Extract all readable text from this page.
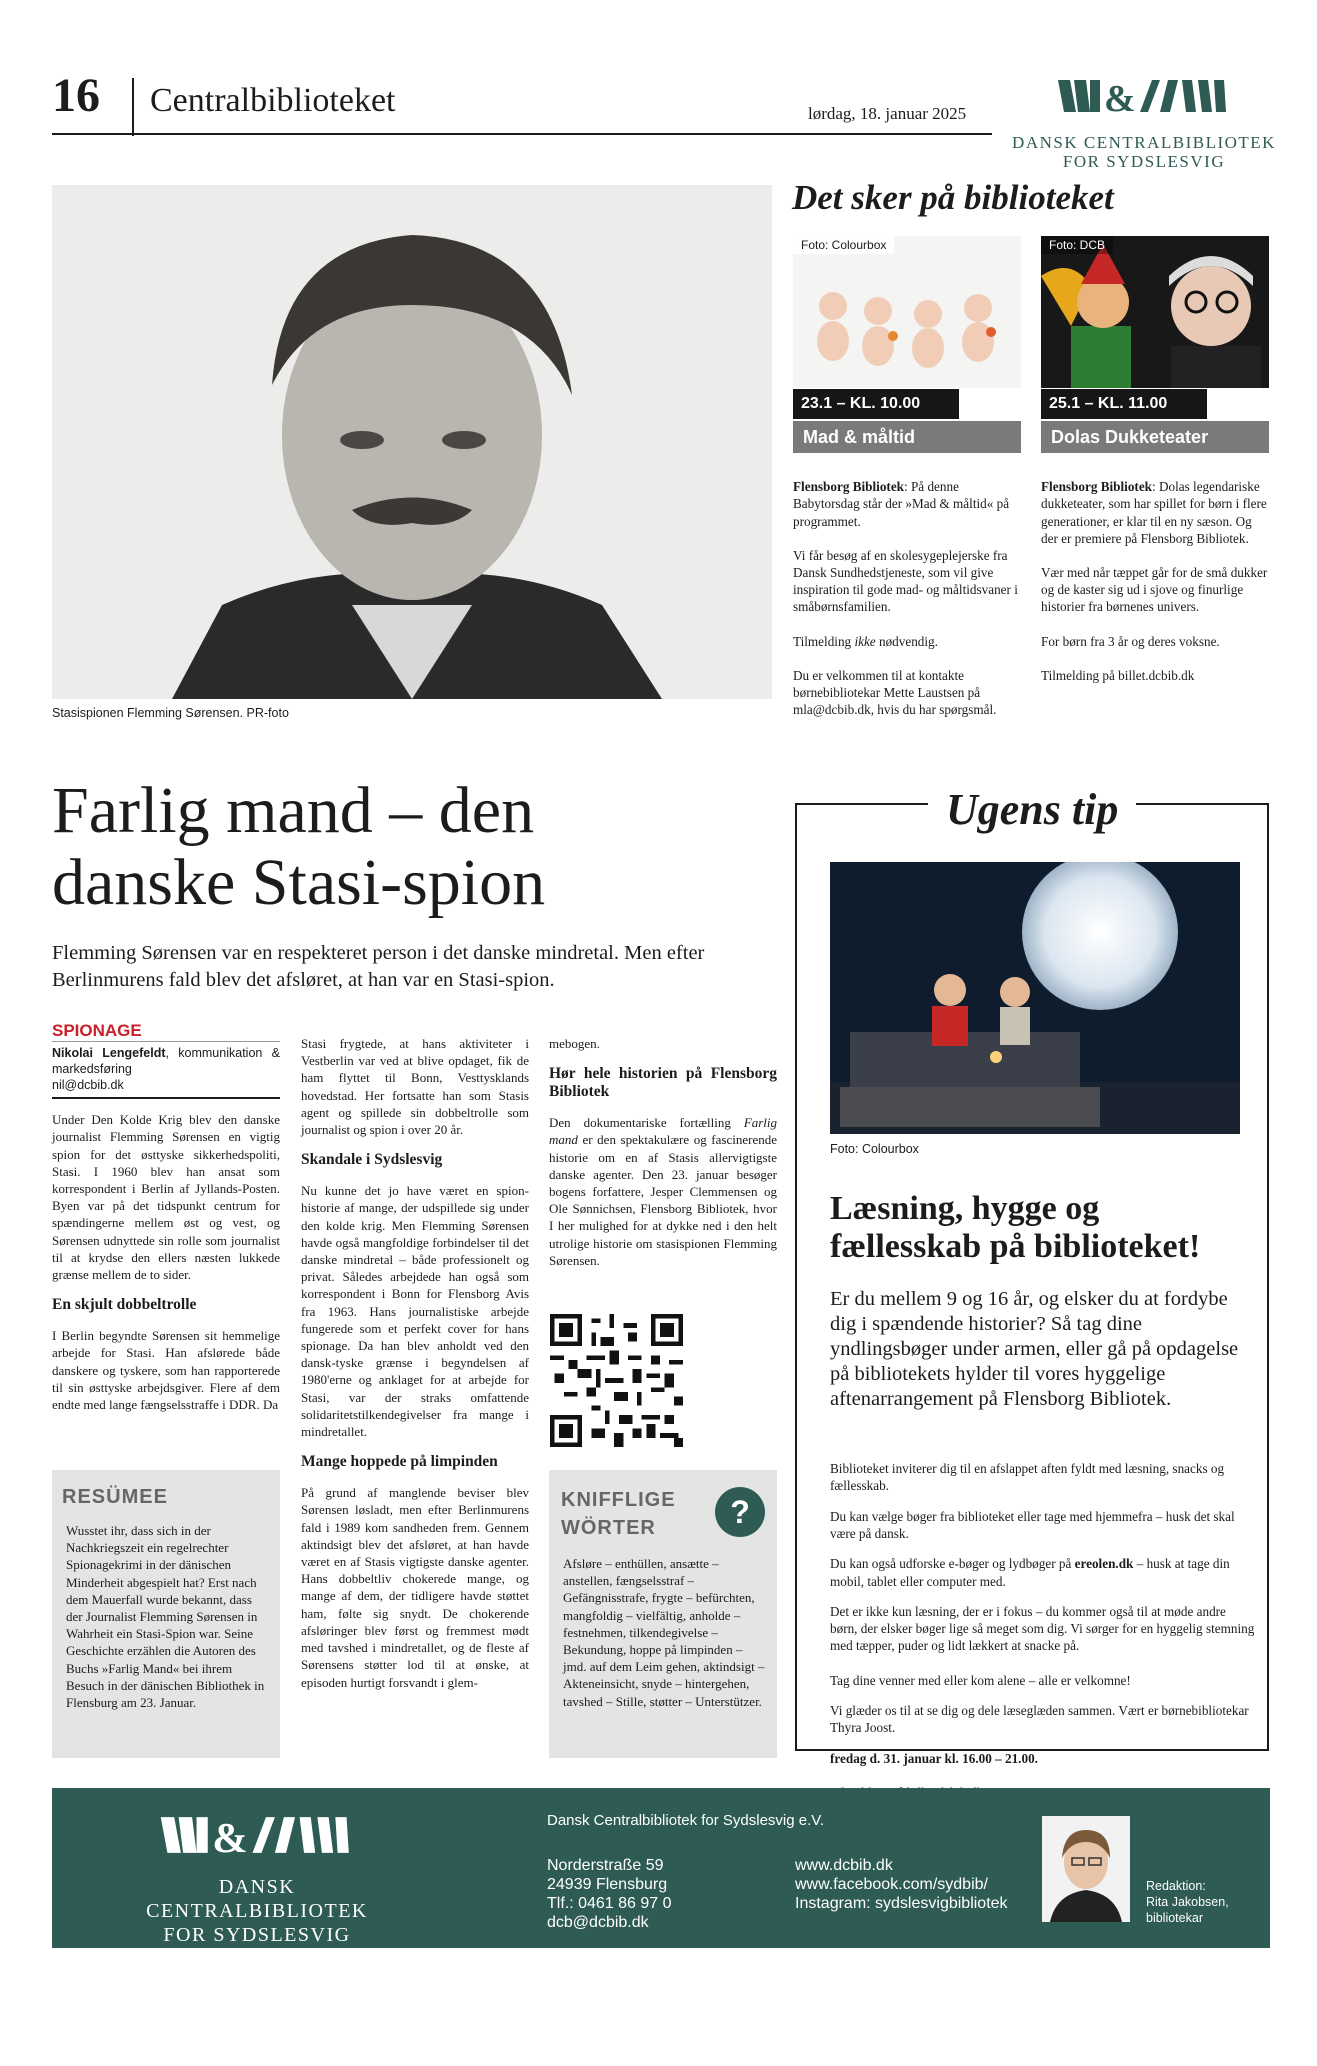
16 Centralbiblioteket	lørdag, 18. januar 2025	&
DANSK CENTRALBIBLIOTEK
FOR SYDSLESVIG
Stasispionen Flemming Sørensen. PR-foto
Det sker på biblioteket
Foto: Colourbox
23.1 – KL. 10.00
Mad & måltid

Flensborg Bibliotek: På denne Babytorsdag står der »Mad & måltid« på programmet.

Vi får besøg af en skolesygeplejerske fra Dansk Sundhedstjeneste, som vil give inspiration til gode mad- og måltidsvaner i småbørnsfamilien.

Tilmelding ikke nødvendig.

Du er velkommen til at kontakte børnebibliotekar Mette Laustsen på mla@dcbib.dk, hvis du har spørgsmål.

Foto: DCB
25.1 – KL. 11.00
Dolas Dukketeater

Flensborg Bibliotek: Dolas legendariske dukketeater, som har spillet for børn i flere generationer, er klar til en ny sæson. Og der er premiere på Flensborg Bibliotek.

Vær med når tæppet går for de små dukker og de kaster sig ud i sjove og finurlige historier fra børnenes univers.

For børn fra 3 år og deres voksne.

Tilmelding på billet.dcbib.dk

Farlig mand – den
danske Stasi-spion
Flemming Sørensen var en respekteret person i det danske mindretal. Men efter Berlinmurens fald blev det afsløret, at han var en Stasi-spion.
SPIONAGE
Nikolai Lengefeldt, kommunikation & markedsføring
nil@dcbib.dk

Under Den Kolde Krig blev den danske journalist Flemming Sørensen en vigtig spion for det østtyske sikkerhedspoliti, Stasi. I 1960 blev han ansat som korrespondent i Berlin af Jyllands-Posten. Byen var på det tidspunkt centrum for spændingerne mellem øst og vest, og Sørensen udnyttede sin rolle som journalist til at krydse den ellers næsten lukkede grænse mellem de to sider.

En skjult dobbeltrolle

I Berlin begyndte Sørensen sit hemmelige arbejde for Stasi. Han afslørede både danskere og tyskere, som han rapporterede til sin østtyske arbejdsgiver. Flere af dem endte med lange fængselsstraffe i DDR. Da

Stasi frygtede, at hans aktiviteter i Vestberlin var ved at blive opdaget, fik de ham flyttet til Bonn, Vesttysklands hovedstad. Her fortsatte han som Stasis agent og spillede sin dobbeltrolle som journalist og spion i over 20 år.

Skandale i Sydslesvig

Nu kunne det jo have været en spion-historie af mange, der udspillede sig under den kolde krig. Men Flemming Sørensen havde også mangfoldige forbindelser til det danske mindretal – både professionelt og privat. Således arbejdede han også som korrespondent i Bonn for Flensborg Avis fra 1963. Hans journalistiske arbejde fungerede som et perfekt cover for hans spionage. Da han blev anholdt ved den dansk-tyske grænse i begyndelsen af 1980'erne og anklaget for at arbejde for Stasi, var der straks omfattende solidaritetstilkendegivelser fra mange i mindretallet.

Mange hoppede på limpinden

På grund af manglende beviser blev Sørensen løsladt, men efter Berlinmurens fald i 1989 kom sandheden frem. Gennem aktindsigt blev det afsløret, at han havde været en af Stasis vigtigste danske agenter. Hans dobbeltliv chokerede mange, og mange af dem, der tidligere havde støttet ham, følte sig snydt. De chokerende afsløringer blev først og fremmest mødt med tavshed i mindretallet, og de fleste af Sørensens støtter lod til at ønske, at episoden hurtigt forsvandt i glem-

mebogen.

Hør hele historien på Flensborg Bibliotek

Den dokumentariske fortælling Farlig mand er den spektakulære og fascinerende historie om en af Stasis allervigtigste danske agenter. Den 23. januar besøger bogens forfattere, Jesper Clemmensen og Ole Sønnichsen, Flensborg Bibliotek, hvor I her mulighed for at dykke ned i den helt utrolige historie om stasispionen Flemming Sørensen.

RESÜMEE
Wusstet ihr, dass sich in der Nachkriegszeit ein regelrechter Spionagekrimi in der dänischen Minderheit abgespielt hat? Erst nach dem Mauerfall wurde bekannt, dass der Journalist Flemming Sørensen in Wahrheit ein Stasi-Spion war. Seine Geschichte erzählen die Autoren des Buchs »Farlig Mand« bei ihrem Besuch in der dänischen Bibliothek in Flensburg am 23. Januar.
KNIFFLIGE
WÖRTER	?
Afsløre – enthüllen, ansætte – anstellen, fængselsstraf – Gefängnisstrafe, frygte – befürchten, mangfoldig – vielfältig, anholde – festnehmen, tilkendegivelse – Bekundung, hoppe på limpinden – jmd. auf dem Leim gehen, aktindsigt – Akteneinsicht, snyde – hintergehen, tavshed – Stille, støtter – Unterstützer.
Ugens tip
Foto: Colourbox
Læsning, hygge og fællesskab på biblioteket!
Er du mellem 9 og 16 år, og elsker du at fordybe dig i spændende historier? Så tag dine yndlingsbøger under armen, eller gå på opdagelse på bibliotekets hylder til vores hyggelige aftenarrangement på Flensborg Bibliotek.

Biblioteket inviterer dig til en afslappet aften fyldt med læsning, snacks og fællesskab.

Du kan vælge bøger fra biblioteket eller tage med hjemmefra – husk det skal være på dansk.

Du kan også udforske e-bøger og lydbøger på ereolen.dk – husk at tage din mobil, tablet eller computer med.

Det er ikke kun læsning, der er i fokus – du kommer også til at møde andre børn, der elsker bøger lige så meget som dig. Vi sørger for en hyggelig stemning med tæpper, puder og lidt lækkert at snacke på.

Tag dine venner med eller kom alene – alle er velkomne!

Vi glæder os til at se dig og dele læseglæden sammen. Vært er børnebibliotekar Thyra Joost.

fredag d. 31. januar kl. 16.00 – 21.00.

&
DANSK CENTRALBIBLIOTEK
FOR SYDSLESVIG
Dansk Centralbibliotek for Sydslesvig e.V.
Norderstraße 59
24939 Flensburg
Tlf.: 0461 86 97 0
dcb@dcbib.dk
www.dcbib.dk
www.facebook.com/sydbib/
Instagram: sydslesvigbibliotek
Redaktion:
Rita Jakobsen,
bibliotekar
